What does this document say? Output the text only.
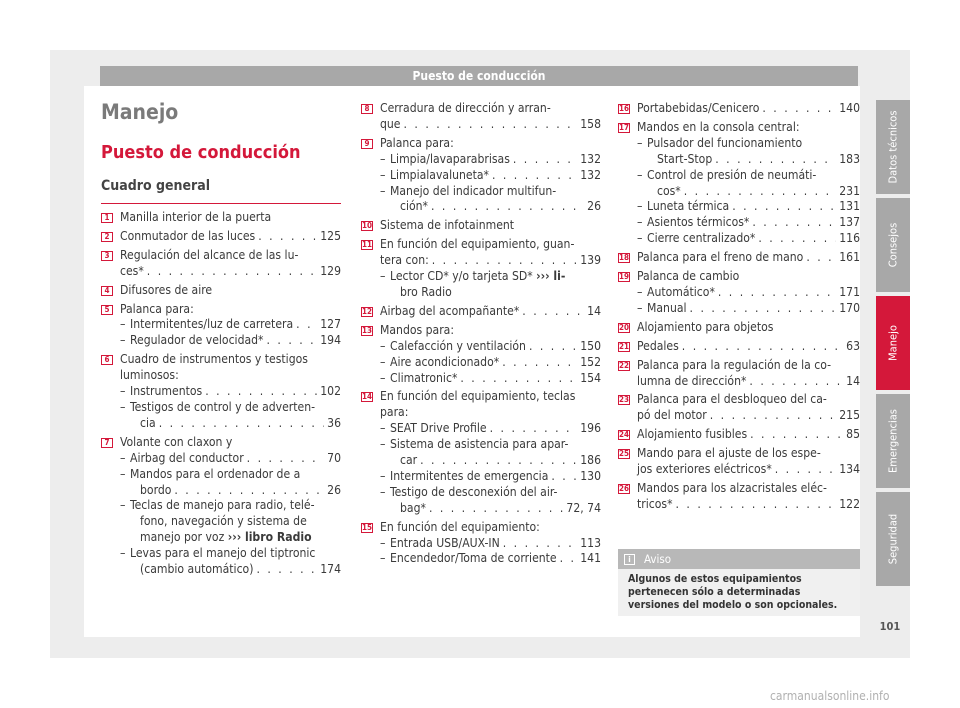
Puesto de conducción
Manejo
Puesto de conducción
Cuadro general
1 Manilla interior de la puerta
2 Conmutador de las luces . . .	125
3 Regulación del alcance de las lu-
ces* . . .	129
4 Difusores de aire
5 Palanca para:
– Intermitentes/luz de carretera . . . 127
– Regulador de velocidad* . . .	194
6 Cuadro de instrumentos y testigos
luminosos:
– Instrumentos . . .	102
– Testigos de control y de adverten-
cia . . .	36
7 Volante con claxon y
– Airbag del conductor . . .	70
– Mandos para el ordenador de a
bordo . . .	26
– Teclas de manejo para radio, telé-
fono, navegación y sistema de
manejo por voz ››› libro Radio
– Levas para el manejo del tiptronic
(cambio automático) . . .	174
8 Cerradura de dirección y arran-
que . . .	158
9 Palanca para:
– Limpia/lavaparabrisas . . .	132
– Limpialavaluneta* . . .	132
– Manejo del indicador multifun-
ción* . . .	26
10 Sistema de infotainment
11 En función del equipamiento, guan-
tera con: . . .	139
– Lector CD* y/o tarjeta SD* ››› li-
bro Radio
12 Airbag del acompañante* . . .	14
13 Mandos para:
– Calefacción y ventilación . . .	150
– Aire acondicionado* . . .	152
– Climatronic* . . .	154
14 En función del equipamiento, teclas
para:
– SEAT Drive Profile . . .	196
– Sistema de asistencia para apar-
car . . .	186
– Intermitentes de emergencia . . .	130
– Testigo de desconexión del air-
bag* . . .	72, 74
15 En función del equipamiento:
– Entrada USB/AUX-IN . . .	113
– Encendedor/Toma de corriente . . . 141
16 Portabebidas/Cenicero . . .	140
17 Mandos en la consola central:
– Pulsador del funcionamiento
Start-Stop . . .	183
– Control de presión de neumáti-
cos* . . .	231
– Luneta térmica . . .	131
– Asientos térmicos* . . .	137
– Cierre centralizado* . . .	116
18 Palanca para el freno de mano . . .	161
19 Palanca de cambio
– Automático* . . .	171
– Manual . . .	170
20 Alojamiento para objetos
21 Pedales . . .	63
22 Palanca para la regulación de la co-
lumna de dirección* . . .	14
23 Palanca para el desbloqueo del ca-
pó del motor . . .	215
24 Alojamiento fusibles . . .	85
25 Mando para el ajuste de los espe-
jos exteriores eléctricos* . . .	134
26 Mandos para los alzacristales eléc-
tricos* . . .	122
i	Aviso
Algunos de estos equipamientos pertenecen sólo a determinadas versiones del modelo o son opcionales.
Datos técnicos
Consejos
Manejo
Emergencias
Seguridad
101
carmanualsonline.info
